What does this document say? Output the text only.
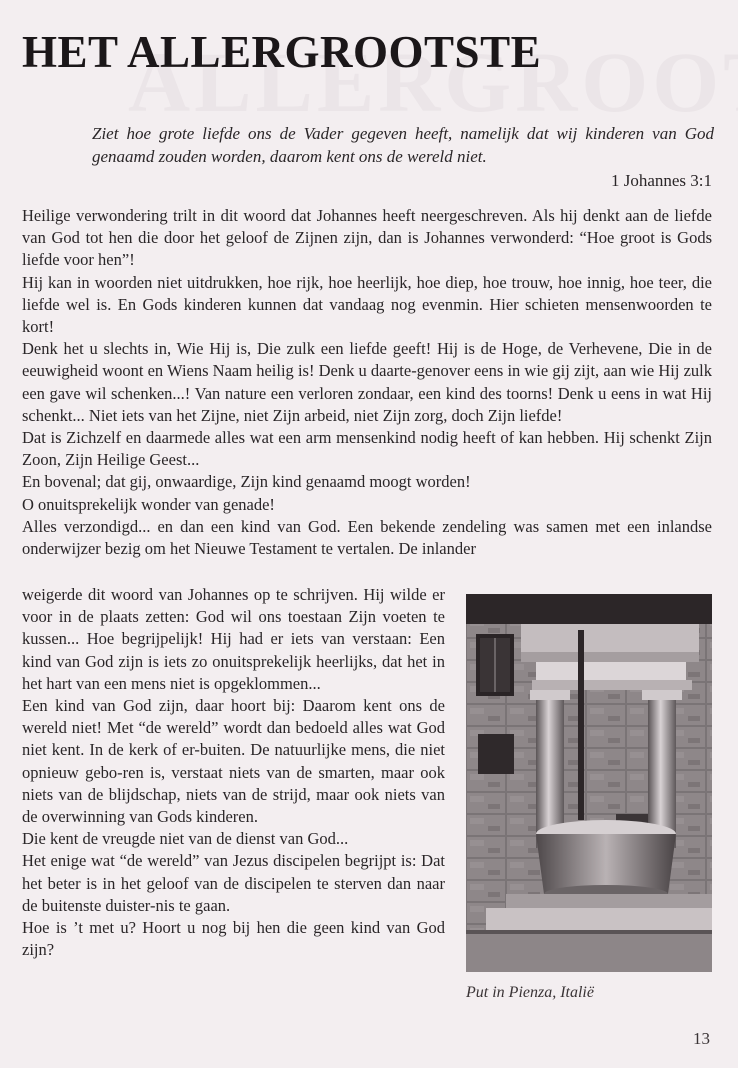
HET ALLERGROOTSTE
Ziet hoe grote liefde ons de Vader gegeven heeft, namelijk dat wij kinderen van God genaamd zouden worden, daarom kent ons de wereld niet.
1 Johannes 3:1

Heilige verwondering trilt in dit woord dat Johannes heeft neergeschreven. Als hij denkt aan de liefde van God tot hen die door het geloof de Zijnen zijn, dan is Johannes verwonderd: “Hoe groot is Gods liefde voor hen”!

Hij kan in woorden niet uitdrukken, hoe rijk, hoe heerlijk, hoe diep, hoe trouw, hoe innig, hoe teer, die liefde wel is. En Gods kinderen kunnen dat vandaag nog evenmin. Hier schieten mensenwoorden te kort!

Denk het u slechts in, Wie Hij is, Die zulk een liefde geeft! Hij is de Hoge, de Verhevene, Die in de eeuwigheid woont en Wiens Naam heilig is! Denk u daarte-genover eens in wie gij zijt, aan wie Hij zulk een gave wil schenken...! Van nature een verloren zondaar, een kind des toorns! Denk u eens in wat Hij schenkt... Niet iets van het Zijne, niet Zijn arbeid, niet Zijn zorg, doch Zijn liefde!

Dat is Zichzelf en daarmede alles wat een arm mensenkind nodig heeft of kan hebben. Hij schenkt Zijn Zoon, Zijn Heilige Geest...

En bovenal; dat gij, onwaardige, Zijn kind genaamd moogt worden!

O onuitsprekelijk wonder van genade!

Alles verzondigd... en dan een kind van God. Een bekende zendeling was samen met een inlandse onderwijzer bezig om het Nieuwe Testament te vertalen. De inlander

weigerde dit woord van Johannes op te schrijven. Hij wilde er voor in de plaats zetten: God wil ons toestaan Zijn voeten te kussen... Hoe begrijpelijk! Hij had er iets van verstaan: Een kind van God zijn is iets zo onuitsprekelijk heerlijks, dat het in het hart van een mens niet is opgeklommen...

Een kind van God zijn, daar hoort bij: Daarom kent ons de wereld niet! Met “de wereld” wordt dan bedoeld alles wat God niet kent. In de kerk of er-buiten. De natuurlijke mens, die niet opnieuw gebo-ren is, verstaat niets van de smarten, maar ook niets van de blijdschap, niets van de strijd, maar ook niets van de overwinning van Gods kinderen.

Die kent de vreugde niet van de dienst van God...

Het enige wat “de wereld” van Jezus discipelen begrijpt is: Dat het beter is in het geloof van de discipelen te sterven dan naar de buitenste duister-nis te gaan.

Hoe is ’t met u? Hoort u nog bij hen die geen kind van God zijn?

Put in Pienza, Italië
13
